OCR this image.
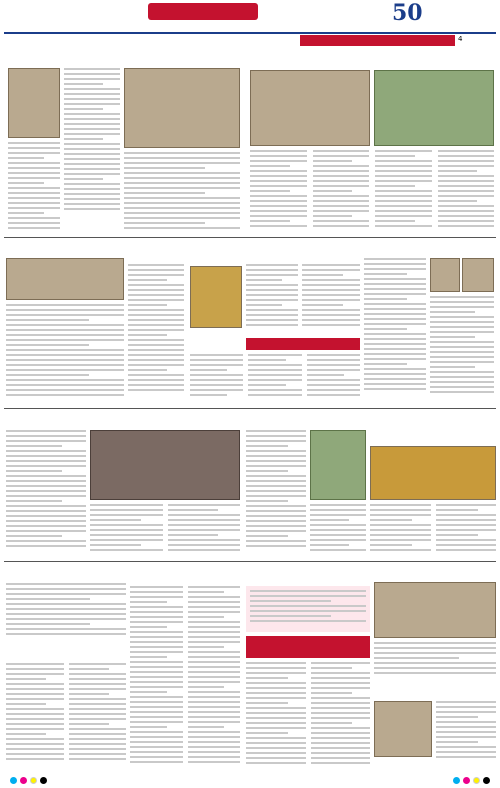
50
4
